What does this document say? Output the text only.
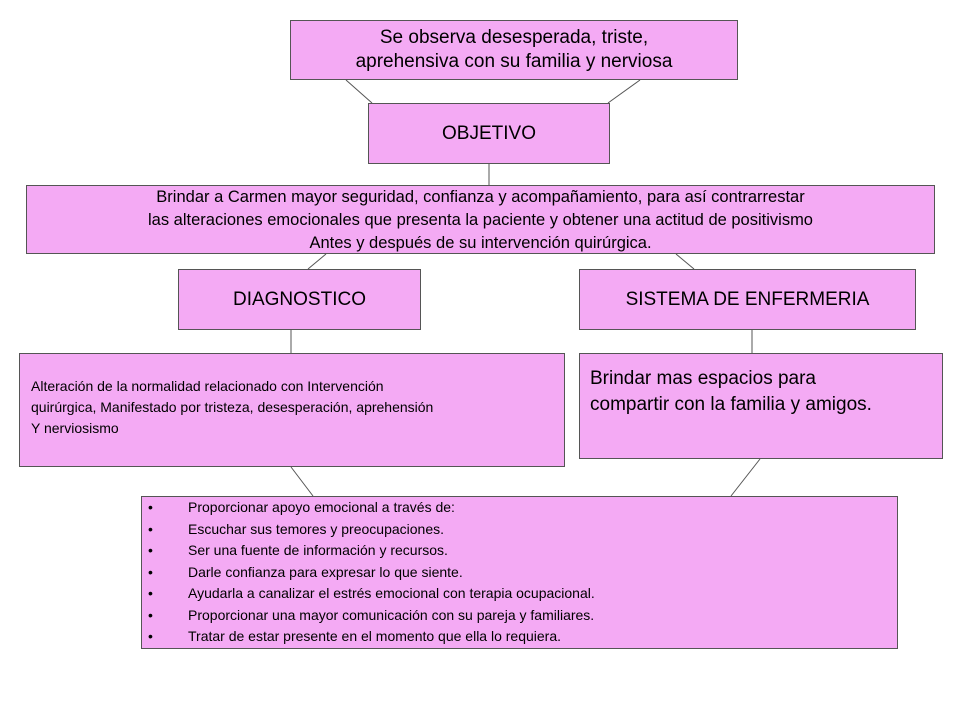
Se observa desesperada, triste,
aprehensiva con su familia y nerviosa
OBJETIVO
Brindar a Carmen mayor seguridad, confianza y acompañamiento, para así contrarrestar
las alteraciones emocionales que presenta la paciente y obtener una actitud de positivismo
Antes y después de su intervención quirúrgica.
DIAGNOSTICO	SISTEMA DE ENFERMERIA
Alteración de la normalidad relacionado con Intervención
quirúrgica, Manifestado por tristeza, desesperación, aprehensión
Y nerviosismo
Brindar mas espacios para
compartir con la familia y amigos.
• Proporcionar apoyo emocional a través de:
• Escuchar sus temores y preocupaciones.
• Ser una fuente de información y recursos.
• Darle confianza para expresar lo que siente.
• Ayudarla a canalizar el estrés emocional con terapia ocupacional.
• Proporcionar una mayor comunicación con su pareja y familiares.
• Tratar de estar presente en el momento que ella lo requiera.
